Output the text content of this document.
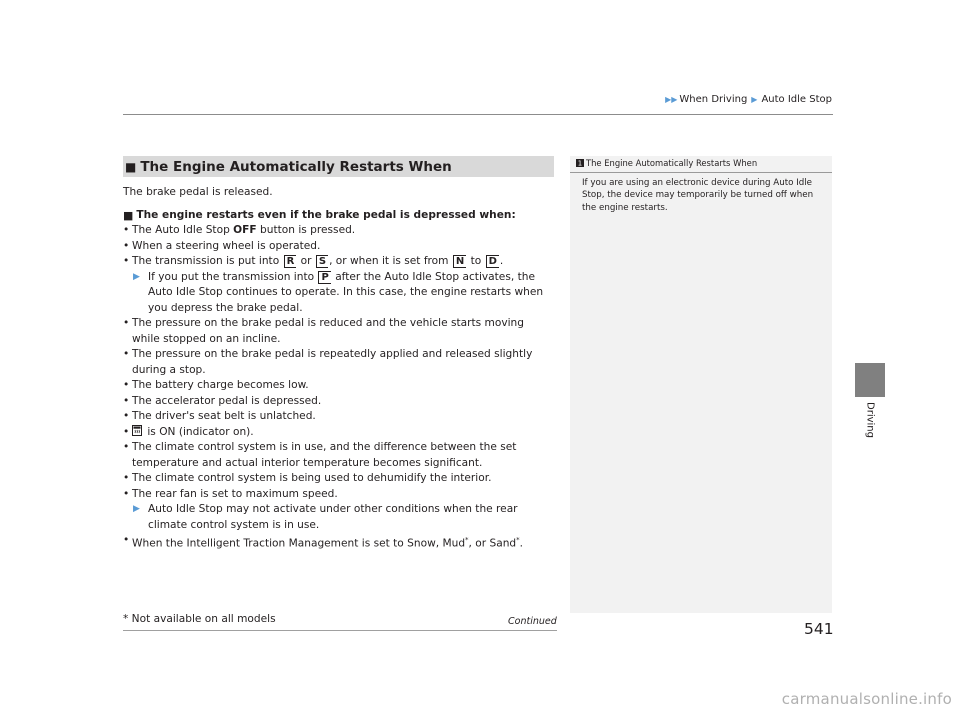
▶▶ When Driving ▶ Auto Idle Stop
Driving
■ The Engine Automatically Restarts When
The brake pedal is released.
■ The engine restarts even if the brake pedal is depressed when:
• The Auto Idle Stop OFF button is pressed.
• When a steering wheel is operated.
• The transmission is put into R or S , or when it is set from N to D .
▶ If you put the transmission into P after the Auto Idle Stop activates, the Auto Idle Stop continues to operate. In this case, the engine restarts when you depress the brake pedal.
• The pressure on the brake pedal is reduced and the vehicle starts moving while stopped on an incline.
• The pressure on the brake pedal is repeatedly applied and released slightly during a stop.
• The battery charge becomes low.
• The accelerator pedal is depressed.
• The driver's seat belt is unlatched.
• is ON (indicator on).
• The climate control system is in use, and the difference between the set temperature and actual interior temperature becomes significant.
• The climate control system is being used to dehumidify the interior.
• The rear fan is set to maximum speed.
▶ Auto Idle Stop may not activate under other conditions when the rear climate control system is in use.
• When the Intelligent Traction Management is set to Snow, Mud*, or Sand*.
1 The Engine Automatically Restarts When
If you are using an electronic device during Auto Idle Stop, the device may temporarily be turned off when the engine restarts.
* Not available on all models	Continued	541
carmanualsonline.info
